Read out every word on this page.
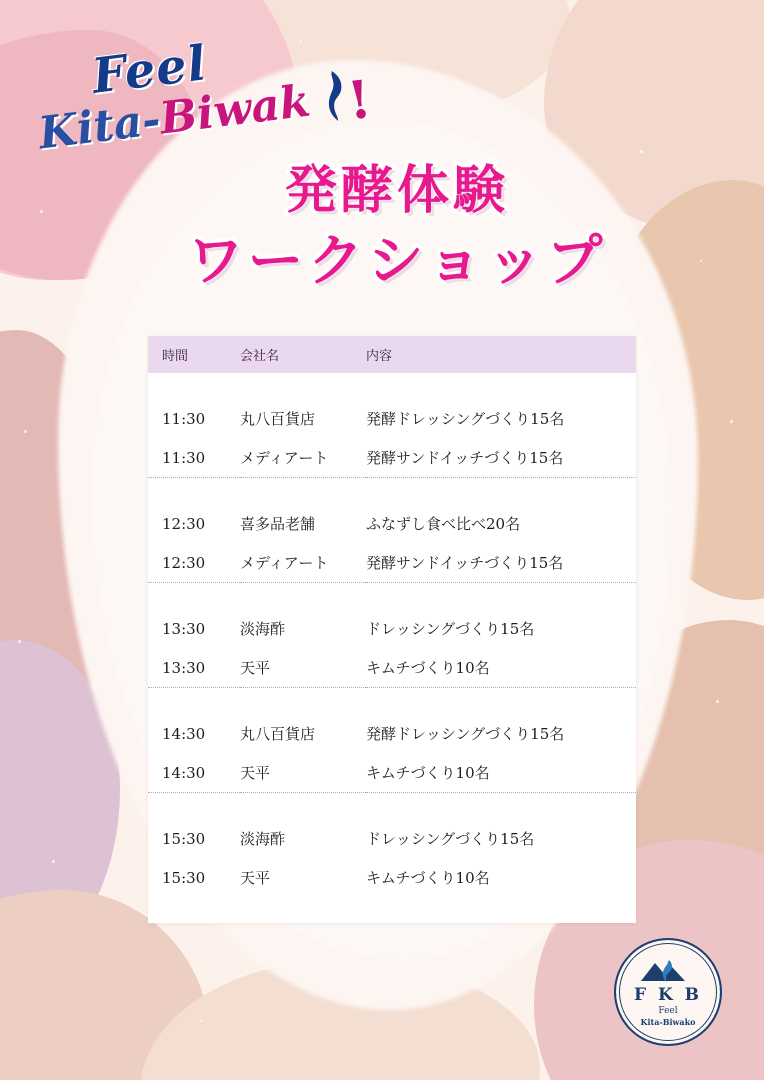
Feel
Kita-Biwak !
発酵体験
ワークショップ
時間	会社名	内容

11:30	丸八百貨店	発酵ドレッシングづくり15名
11:30	メディアート	発酵サンドイッチづくり15名

12:30	喜多品老舗	ふなずし食べ比べ20名
12:30	メディアート	発酵サンドイッチづくり15名

13:30	淡海酢	ドレッシングづくり15名
13:30	天平	キムチづくり10名

14:30	丸八百貨店	発酵ドレッシングづくり15名
14:30	天平	キムチづくり10名

15:30	淡海酢	ドレッシングづくり15名
15:30	天平	キムチづくり10名
F K B
Feel
Kita-Biwako
